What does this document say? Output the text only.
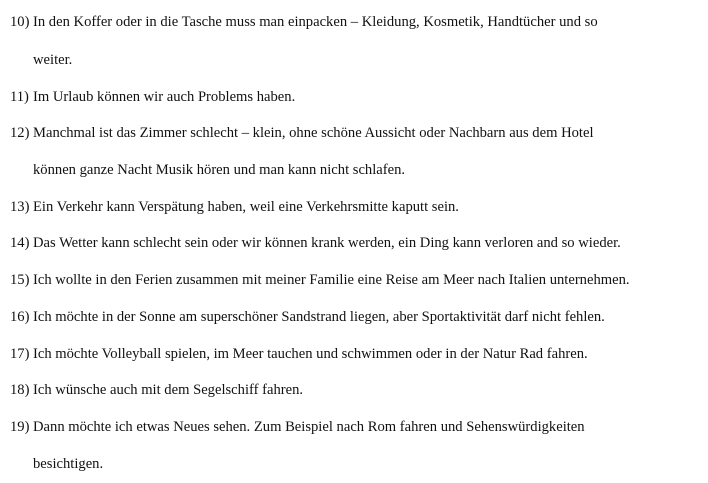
10) In den Koffer oder in die Tasche muss man einpacken – Kleidung, Kosmetik, Handtücher und so
weiter.
11) Im Urlaub können wir auch Problems haben.
12) Manchmal ist das Zimmer schlecht – klein, ohne schöne Aussicht oder Nachbarn aus dem Hotel
können ganze Nacht Musik hören und man kann nicht schlafen.
13) Ein Verkehr kann Verspätung haben, weil eine Verkehrsmitte kaputt sein.
14) Das Wetter kann schlecht sein oder wir können krank werden, ein Ding kann verloren and so wieder.
15) Ich wollte in den Ferien zusammen mit meiner Familie eine Reise am Meer nach Italien unternehmen.
16) Ich möchte in der Sonne am superschöner Sandstrand liegen, aber Sportaktivität darf nicht fehlen.
17) Ich möchte Volleyball spielen, im Meer tauchen und schwimmen oder in der Natur Rad fahren.
18) Ich wünsche auch mit dem Segelschiff fahren.
19) Dann möchte ich etwas Neues sehen. Zum Beispiel nach Rom fahren und Sehenswürdigkeiten
besichtigen.
